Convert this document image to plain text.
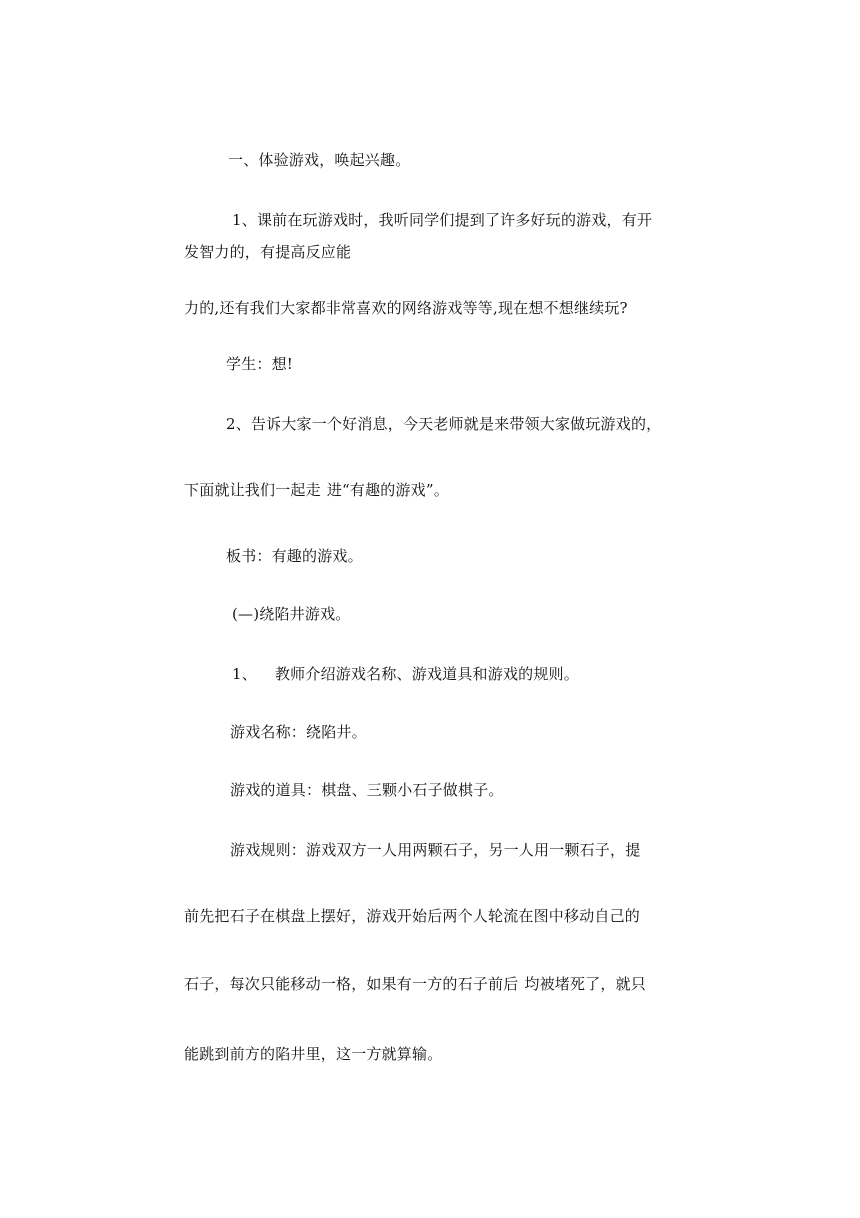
一、体验游戏，唤起兴趣。
1、课前在玩游戏时，我听同学们提到了许多好玩的游戏，有开
发智力的，有提高反应能
力的,还有我们大家都非常喜欢的网络游戏等等,现在想不想继续玩?
学生：想!
2、告诉大家一个好消息，今天老师就是来带领大家做玩游戏的，
下面就让我们一起走 进“有趣的游戏”。
板书：有趣的游戏。
(—)绕陷井游戏。
1、 教师介绍游戏名称、游戏道具和游戏的规则。
游戏名称：绕陷井。
游戏的道具：棋盘、三颗小石子做棋子。
游戏规则：游戏双方一人用两颗石子，另一人用一颗石子，提
前先把石子在棋盘上摆好，游戏开始后两个人轮流在图中移动自己的
石子，每次只能移动一格，如果有一方的石子前后 均被堵死了，就只
能跳到前方的陷井里，这一方就算输。
